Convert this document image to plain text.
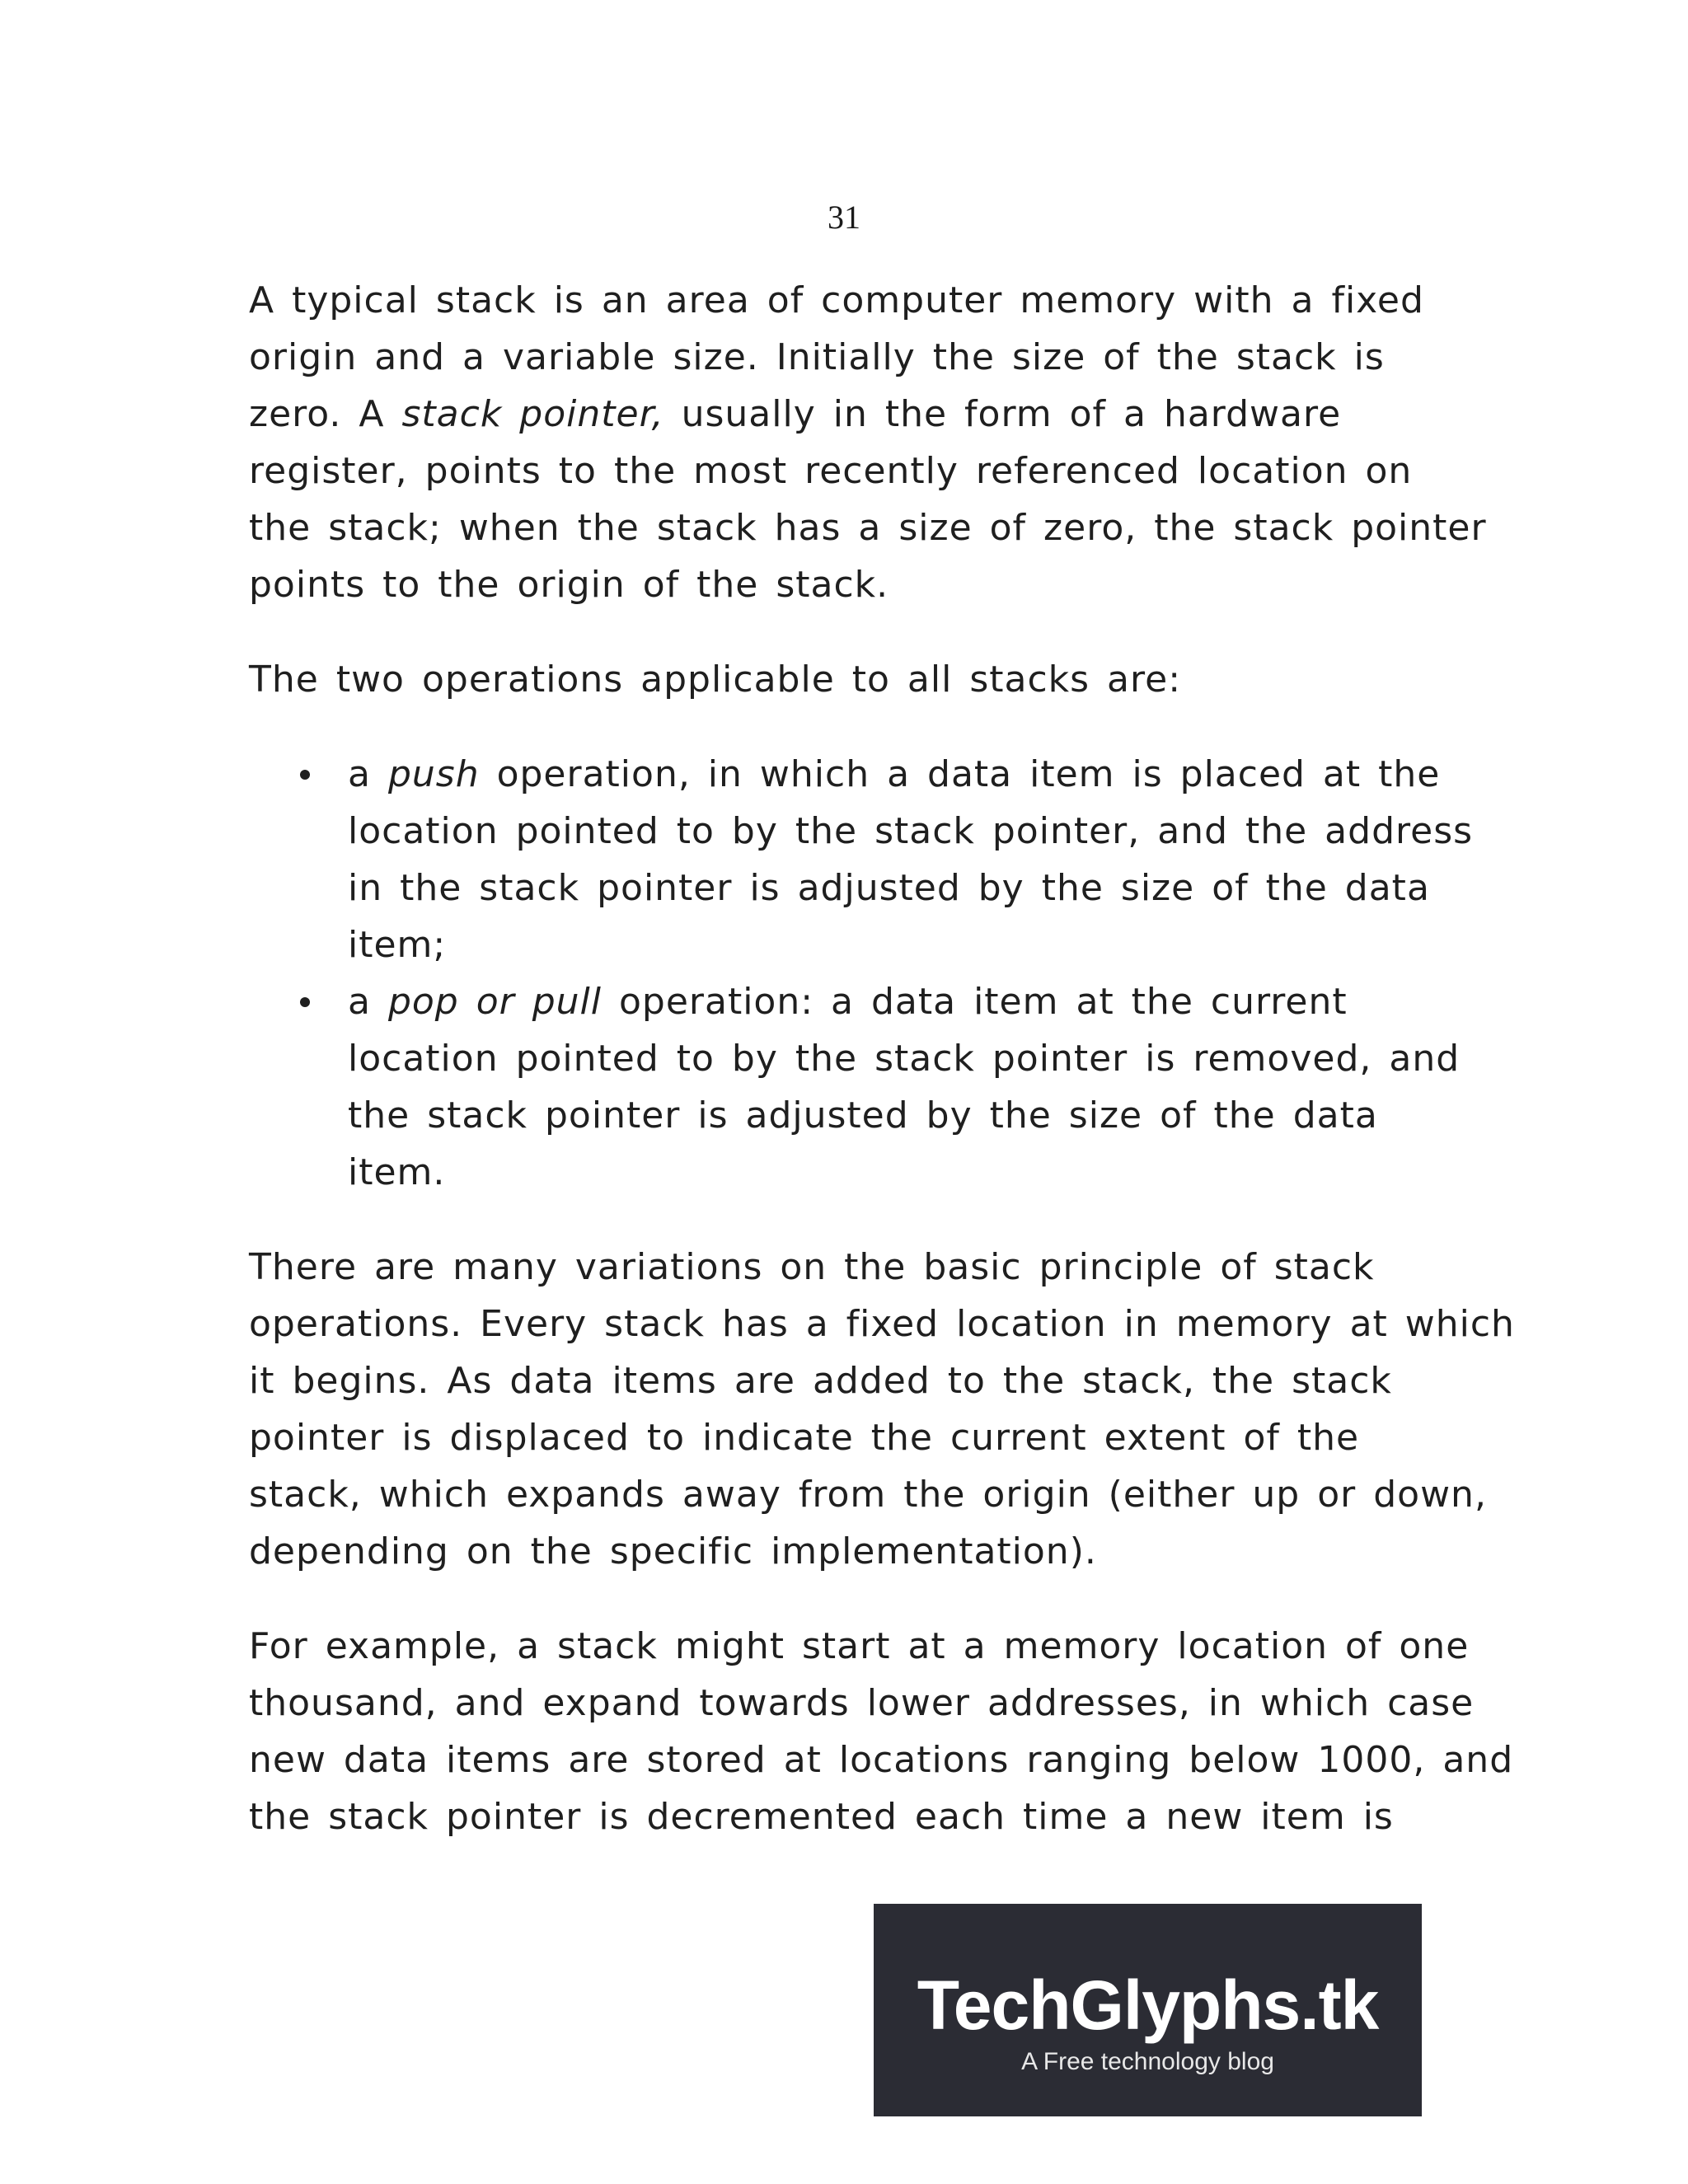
31

A typical stack is an area of computer memory with a fixed
origin and a variable size. Initially the size of the stack is
zero. A stack pointer, usually in the form of a hardware
register, points to the most recently referenced location on
the stack; when the stack has a size of zero, the stack pointer
points to the origin of the stack.

The two operations applicable to all stacks are:

a push operation, in which a data item is placed at the
location pointed to by the stack pointer, and the address
in the stack pointer is adjusted by the size of the data
item;
a pop or pull operation: a data item at the current
location pointed to by the stack pointer is removed, and
the stack pointer is adjusted by the size of the data
item.

There are many variations on the basic principle of stack
operations. Every stack has a fixed location in memory at which
it begins. As data items are added to the stack, the stack
pointer is displaced to indicate the current extent of the
stack, which expands away from the origin (either up or down,
depending on the specific implementation).

For example, a stack might start at a memory location of one
thousand, and expand towards lower addresses, in which case
new data items are stored at locations ranging below 1000, and
the stack pointer is decremented each time a new item is

TechGlyphs.tk
A Free technology blog
